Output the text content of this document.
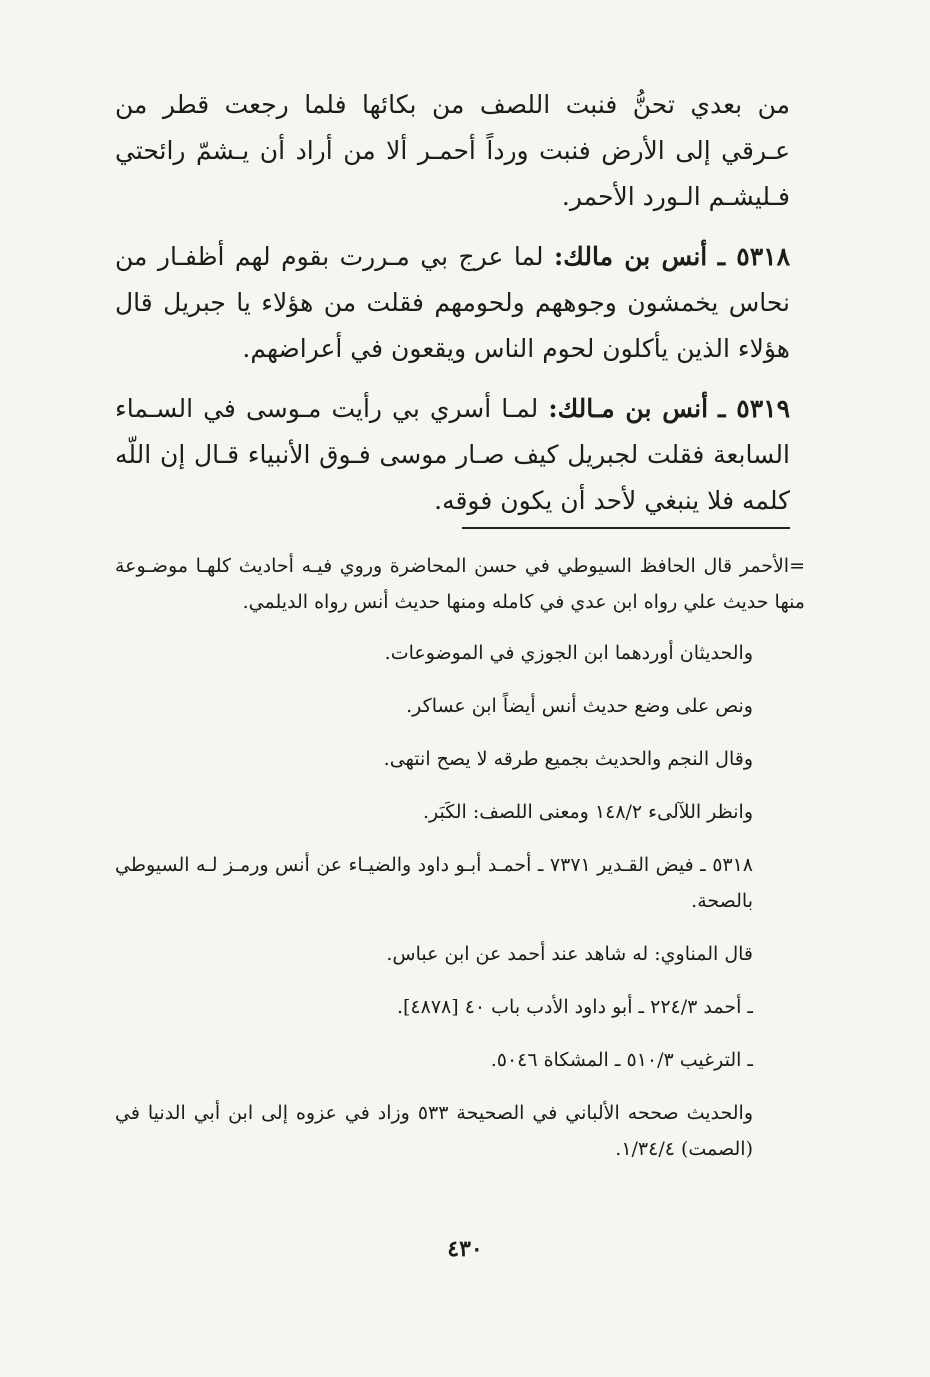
من بعدي تحنُّ فنبت اللصف من بكائها فلما رجعت قطر من عـرقي إلى الأرض فنبت ورداً أحمـر ألا من أراد أن يـشمّ رائحتي فـليشـم الـورد الأحمر.

٥٣١٨ ـ أنس بن مالك: لما عرج بي مـررت بقوم لهم أظفـار من نحاس يخمشون وجوههم ولحومهم فقلت من هؤلاء يا جبريل قال هؤلاء الذين يأكلون لحوم الناس ويقعون في أعراضهم.

٥٣١٩ ـ أنس بن مـالك: لمـا أسري بي رأيت مـوسى في السـماء السابعة فقلت لجبريل كيف صـار موسى فـوق الأنبياء قـال إن اللّه كلمه فلا ينبغي لأحد أن يكون فوقه.

=الأحمر قال الحافظ السيوطي في حسن المحاضرة وروي فيـه أحاديث كلهـا موضـوعة منها حديث علي رواه ابن عدي في كامله ومنها حديث أنس رواه الديلمي.

والحديثان أوردهما ابن الجوزي في الموضوعات.

ونص على وضع حديث أنس أيضاً ابن عساكر.

وقال النجم والحديث بجميع طرقه لا يصح انتهى.

وانظر اللآلىء ١٤٨/٢ ومعنى اللصف: الكَبَر.

٥٣١٨ ـ فيض القـدير ٧٣٧١ ـ أحمـد أبـو داود والضيـاء عن أنس ورمـز لـه السيوطي بالصحة.

قال المناوي: له شاهد عند أحمد عن ابن عباس.

ـ أحمد ٢٢٤/٣ ـ أبو داود الأدب باب ٤٠ [٤٨٧٨].

ـ الترغيب ٥١٠/٣ ـ المشكاة ٥٠٤٦.

والحديث صححه الألباني في الصحيحة ٥٣٣ وزاد في عزوه إلى ابن أبي الدنيا في (الصمت) ١/٣٤/٤.

٤٣٠
